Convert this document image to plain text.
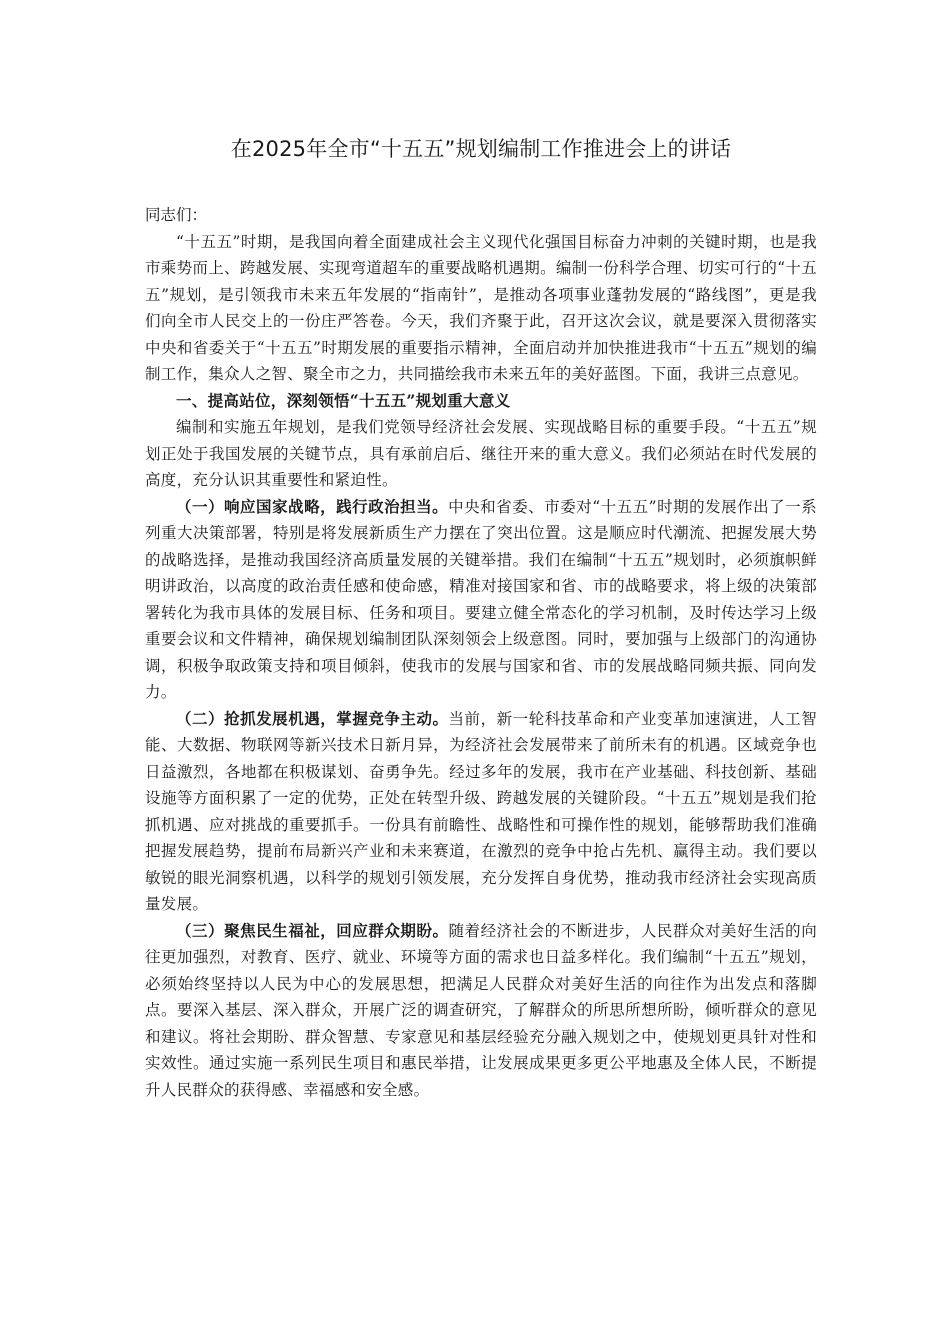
在2025年全市“十五五”规划编制工作推进会上的讲话

同志们：

“十五五”时期，是我国向着全面建成社会主义现代化强国目标奋力冲刺的关键时期，也是我市乘势而上、跨越发展、实现弯道超车的重要战略机遇期。编制一份科学合理、切实可行的“十五五”规划，是引领我市未来五年发展的“指南针”，是推动各项事业蓬勃发展的“路线图”，更是我们向全市人民交上的一份庄严答卷。今天，我们齐聚于此，召开这次会议，就是要深入贯彻落实中央和省委关于“十五五”时期发展的重要指示精神，全面启动并加快推进我市“十五五”规划的编制工作，集众人之智、聚全市之力，共同描绘我市未来五年的美好蓝图。下面，我讲三点意见。

一、提高站位，深刻领悟“十五五”规划重大意义

编制和实施五年规划，是我们党领导经济社会发展、实现战略目标的重要手段。“十五五”规划正处于我国发展的关键节点，具有承前启后、继往开来的重大意义。我们必须站在时代发展的高度，充分认识其重要性和紧迫性。

（一）响应国家战略，践行政治担当。中央和省委、市委对“十五五”时期的发展作出了一系列重大决策部署，特别是将发展新质生产力摆在了突出位置。这是顺应时代潮流、把握发展大势的战略选择，是推动我国经济高质量发展的关键举措。我们在编制“十五五”规划时，必须旗帜鲜明讲政治，以高度的政治责任感和使命感，精准对接国家和省、市的战略要求，将上级的决策部署转化为我市具体的发展目标、任务和项目。要建立健全常态化的学习机制，及时传达学习上级重要会议和文件精神，确保规划编制团队深刻领会上级意图。同时，要加强与上级部门的沟通协调，积极争取政策支持和项目倾斜，使我市的发展与国家和省、市的发展战略同频共振、同向发力。

（二）抢抓发展机遇，掌握竞争主动。当前，新一轮科技革命和产业变革加速演进，人工智能、大数据、物联网等新兴技术日新月异，为经济社会发展带来了前所未有的机遇。区域竞争也日益激烈，各地都在积极谋划、奋勇争先。经过多年的发展，我市在产业基础、科技创新、基础设施等方面积累了一定的优势，正处在转型升级、跨越发展的关键阶段。“十五五”规划是我们抢抓机遇、应对挑战的重要抓手。一份具有前瞻性、战略性和可操作性的规划，能够帮助我们准确把握发展趋势，提前布局新兴产业和未来赛道，在激烈的竞争中抢占先机、赢得主动。我们要以敏锐的眼光洞察机遇，以科学的规划引领发展，充分发挥自身优势，推动我市经济社会实现高质量发展。

（三）聚焦民生福祉，回应群众期盼。随着经济社会的不断进步，人民群众对美好生活的向往更加强烈，对教育、医疗、就业、环境等方面的需求也日益多样化。我们编制“十五五”规划，必须始终坚持以人民为中心的发展思想，把满足人民群众对美好生活的向往作为出发点和落脚点。要深入基层、深入群众，开展广泛的调查研究，了解群众的所思所想所盼，倾听群众的意见和建议。将社会期盼、群众智慧、专家意见和基层经验充分融入规划之中，使规划更具针对性和实效性。通过实施一系列民生项目和惠民举措，让发展成果更多更公平地惠及全体人民，不断提升人民群众的获得感、幸福感和安全感。
